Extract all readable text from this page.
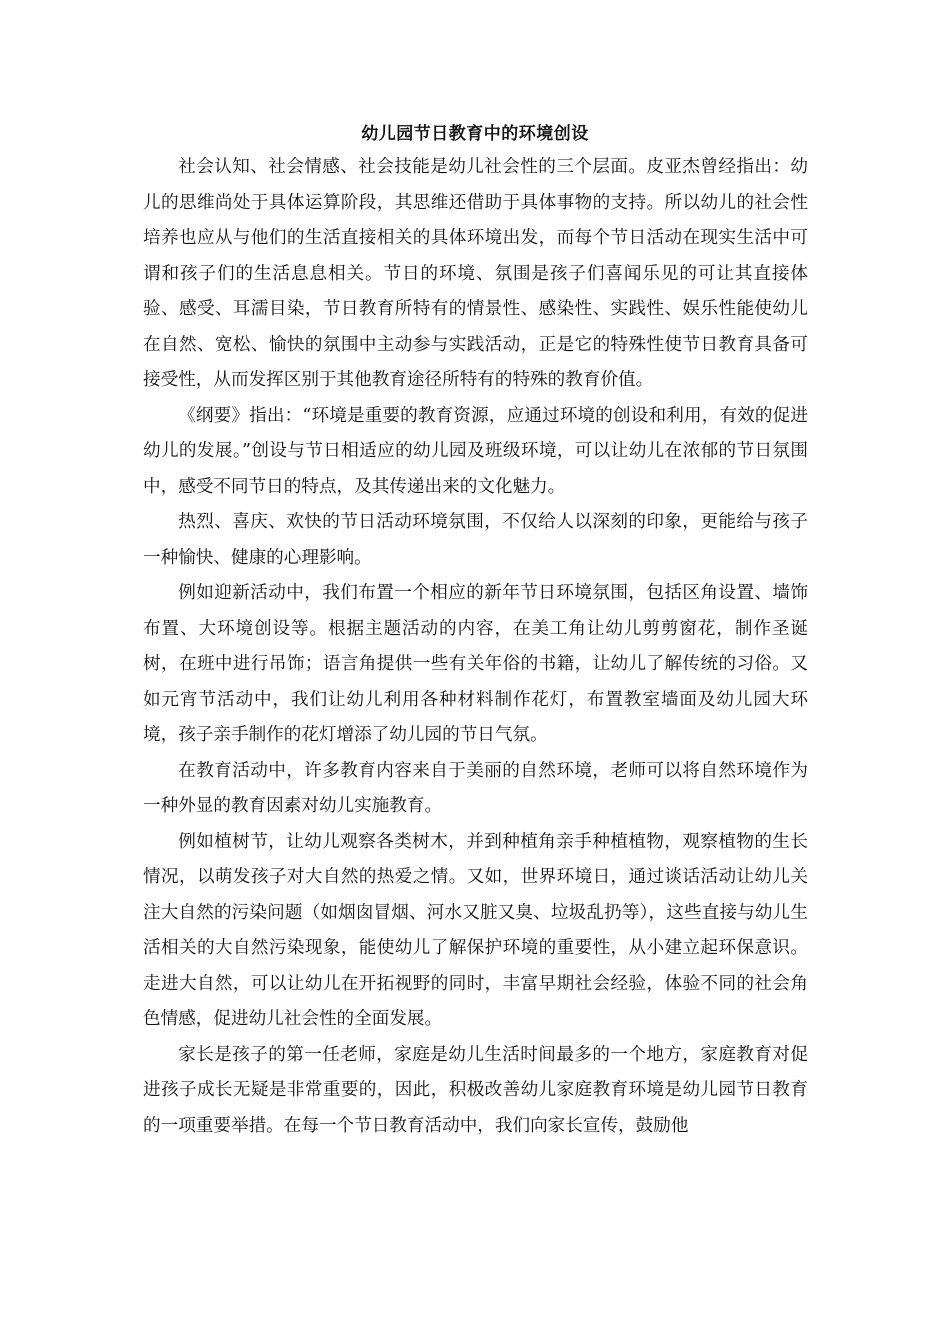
幼儿园节日教育中的环境创设

社会认知、社会情感、社会技能是幼儿社会性的三个层面。皮亚杰曾经指出：幼儿的思维尚处于具体运算阶段，其思维还借助于具体事物的支持。所以幼儿的社会性培养也应从与他们的生活直接相关的具体环境出发，而每个节日活动在现实生活中可谓和孩子们的生活息息相关。节日的环境、氛围是孩子们喜闻乐见的可让其直接体验、感受、耳濡目染，节日教育所特有的情景性、感染性、实践性、娱乐性能使幼儿在自然、宽松、愉快的氛围中主动参与实践活动，正是它的特殊性使节日教育具备可接受性，从而发挥区别于其他教育途径所特有的特殊的教育价值。

《纲要》指出：“环境是重要的教育资源，应通过环境的创设和利用，有效的促进幼儿的发展。”创设与节日相适应的幼儿园及班级环境，可以让幼儿在浓郁的节日氛围中，感受不同节日的特点，及其传递出来的文化魅力。

热烈、喜庆、欢快的节日活动环境氛围，不仅给人以深刻的印象，更能给与孩子一种愉快、健康的心理影响。

例如迎新活动中，我们布置一个相应的新年节日环境氛围，包括区角设置、墙饰布置、大环境创设等。根据主题活动的内容，在美工角让幼儿剪剪窗花，制作圣诞树，在班中进行吊饰；语言角提供一些有关年俗的书籍，让幼儿了解传统的习俗。又如元宵节活动中，我们让幼儿利用各种材料制作花灯，布置教室墙面及幼儿园大环境，孩子亲手制作的花灯增添了幼儿园的节日气氛。

在教育活动中，许多教育内容来自于美丽的自然环境，老师可以将自然环境作为一种外显的教育因素对幼儿实施教育。

例如植树节，让幼儿观察各类树木，并到种植角亲手种植植物，观察植物的生长情况，以萌发孩子对大自然的热爱之情。又如，世界环境日，通过谈话活动让幼儿关注大自然的污染问题（如烟囱冒烟、河水又脏又臭、垃圾乱扔等），这些直接与幼儿生活相关的大自然污染现象，能使幼儿了解保护环境的重要性，从小建立起环保意识。 走进大自然，可以让幼儿在开拓视野的同时，丰富早期社会经验，体验不同的社会角色情感，促进幼儿社会性的全面发展。

家长是孩子的第一任老师，家庭是幼儿生活时间最多的一个地方，家庭教育对促进孩子成长无疑是非常重要的，因此，积极改善幼儿家庭教育环境是幼儿园节日教育的一项重要举措。在每一个节日教育活动中，我们向家长宣传，鼓励他
